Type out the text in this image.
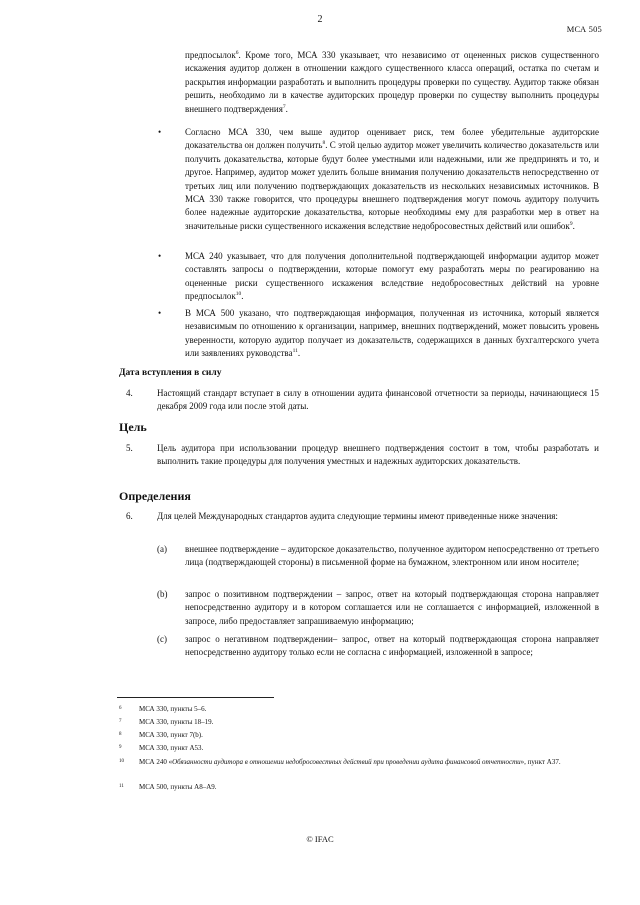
2
МСА 505
предпосылок$^6$. Кроме того, МСА 330 указывает, что независимо от оцененных рисков существенного искажения аудитор должен в отношении каждого существенного класса операций, остатка по счетам и раскрытия информации разработать и выполнить процедуры проверки по существу. Аудитор также обязан решить, необходимо ли в качестве аудиторских процедур проверки по существу выполнить процедуры внешнего подтверждения$^7$.
•	Согласно МСА 330, чем выше аудитор оценивает риск, тем более убедительные аудиторские доказательства он должен получить$^8$. С этой целью аудитор может увеличить количество доказательств или получить доказательства, которые будут более уместными или надежными, или же предпринять и то, и другое. Например, аудитор может уделить больше внимания получению доказательств непосредственно от третьих лиц или получению подтверждающих доказательств из нескольких независимых источников. В МСА 330 также говорится, что процедуры внешнего подтверждения могут помочь аудитору получить более надежные аудиторские доказательства, которые необходимы ему для разработки мер в ответ на значительные риски существенного искажения вследствие недобросовестных действий или ошибок$^9$.
•	МСА 240 указывает, что для получения дополнительной подтверждающей информации аудитор может составлять запросы о подтверждении, которые помогут ему разработать меры по реагированию на оцененные риски существенного искажения вследствие недобросовестных действий на уровне предпосылок$^{10}$.
•	В МСА 500 указано, что подтверждающая информация, полученная из источника, который является независимым по отношению к организации, например, внешних подтверждений, может повысить уровень уверенности, которую аудитор получает из доказательств, содержащихся в данных бухгалтерского учета или заявлениях руководства$^{11}$.
Дата вступления в силу
4.	Настоящий стандарт вступает в силу в отношении аудита финансовой отчетности за периоды, начинающиеся 15 декабря 2009 года или после этой даты.
Цель
5.	Цель аудитора при использовании процедур внешнего подтверждения состоит в том, чтобы разработать и выполнить такие процедуры для получения уместных и надежных аудиторских доказательств.
Определения
6.	Для целей Международных стандартов аудита следующие термины имеют приведенные ниже значения:
(a) внешнее подтверждение – аудиторское доказательство, полученное аудитором непосредственно от третьего лица (подтверждающей стороны) в письменной форме на бумажном, электронном или ином носителе;
(b) запрос о позитивном подтверждении – запрос, ответ на который подтверждающая сторона направляет непосредственно аудитору и в котором соглашается или не соглашается с информацией, изложенной в запросе, либо предоставляет запрашиваемую информацию;
(c) запрос о негативном подтверждении– запрос, ответ на который подтверждающая сторона направляет непосредственно аудитору только если не согласна с информацией, изложенной в запросе;
6	МСА 330, пункты 5–6.
7	МСА 330, пункты 18–19.
8	МСА 330, пункт 7(b).
9	МСА 330, пункт A53.
10 МСА 240 «Обязанности аудитора в отношении недобросовестных действий при проведении аудита финансовой отчетности», пункт A37.
11 МСА 500, пункты A8–A9.
© IFAC
